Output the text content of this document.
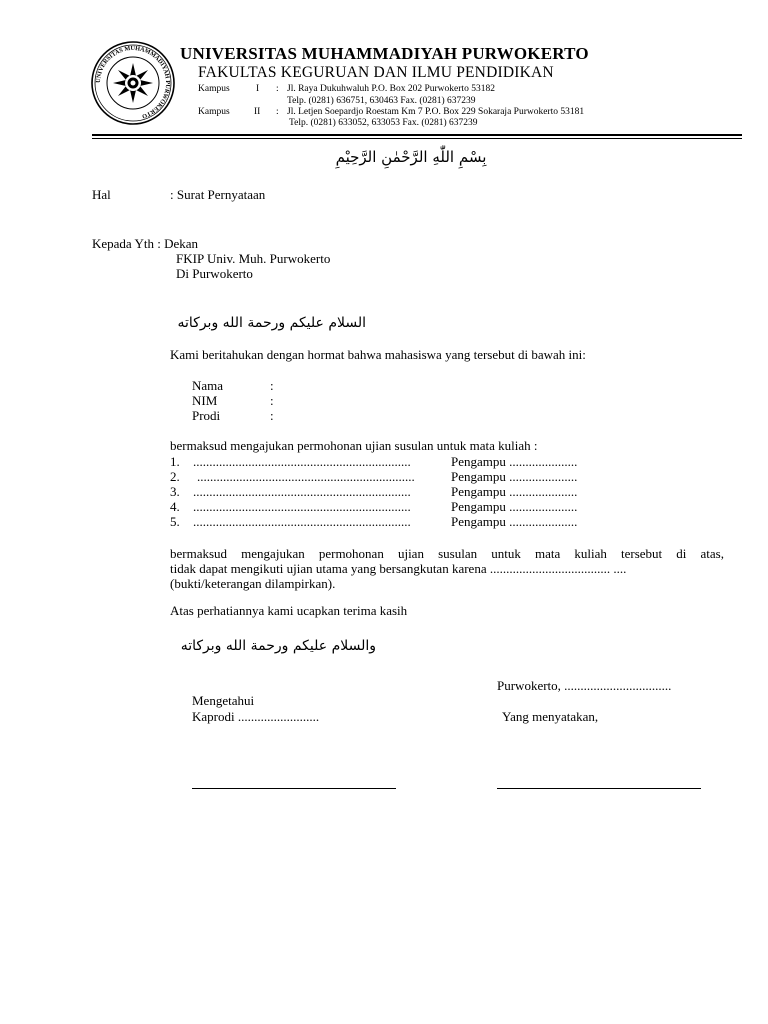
UNIVERSITAS MUHAMMADIYAH PURWOKERTO
UNIVERSITAS MUHAMMADIYAH PURWOKERTO
FAKULTAS KEGURUAN DAN ILMU PENDIDIKAN
Kampus	I : Jl. Raya Dukuhwaluh P.O. Box 202 Purwokerto 53182
Telp. (0281) 636751, 630463 Fax. (0281) 637239
Kampus	II : Jl. Letjen Soepardjo Roestam Km 7 P.O. Box 229 Sokaraja Purwokerto 53181
Telp. (0281) 633052, 633053 Fax. (0281) 637239
بِسْمِ اللّٰهِ الرَّحْمٰنِ الرَّحِيْمِ
Hal	: Surat Pernyataan
Kepada Yth : Dekan
FKIP Univ. Muh. Purwokerto
Di Purwokerto
السلام عليكم ورحمة الله وبركاته
Kami beritahukan dengan hormat bahwa mahasiswa yang tersebut di bawah ini:
Nama	:
NIM	:
Prodi	:
bermaksud mengajukan permohonan ujian susulan untuk mata kuliah :
1. ...................................................................	Pengampu .....................
2. ...................................................................	Pengampu .....................
3. ...................................................................	Pengampu .....................
4. ...................................................................	Pengampu .....................
5. ...................................................................	Pengampu .....................
bermaksud mengajukan permohonan ujian susulan untuk mata kuliah tersebut di atas,
tidak dapat mengikuti ujian utama yang bersangkutan karena ..................................... ....
(bukti/keterangan dilampirkan).
Atas perhatiannya kami ucapkan terima kasih
والسلام عليكم ورحمة الله وبركاته
Purwokerto, .................................
Mengetahui
Kaprodi .........................	Yang menyatakan,
